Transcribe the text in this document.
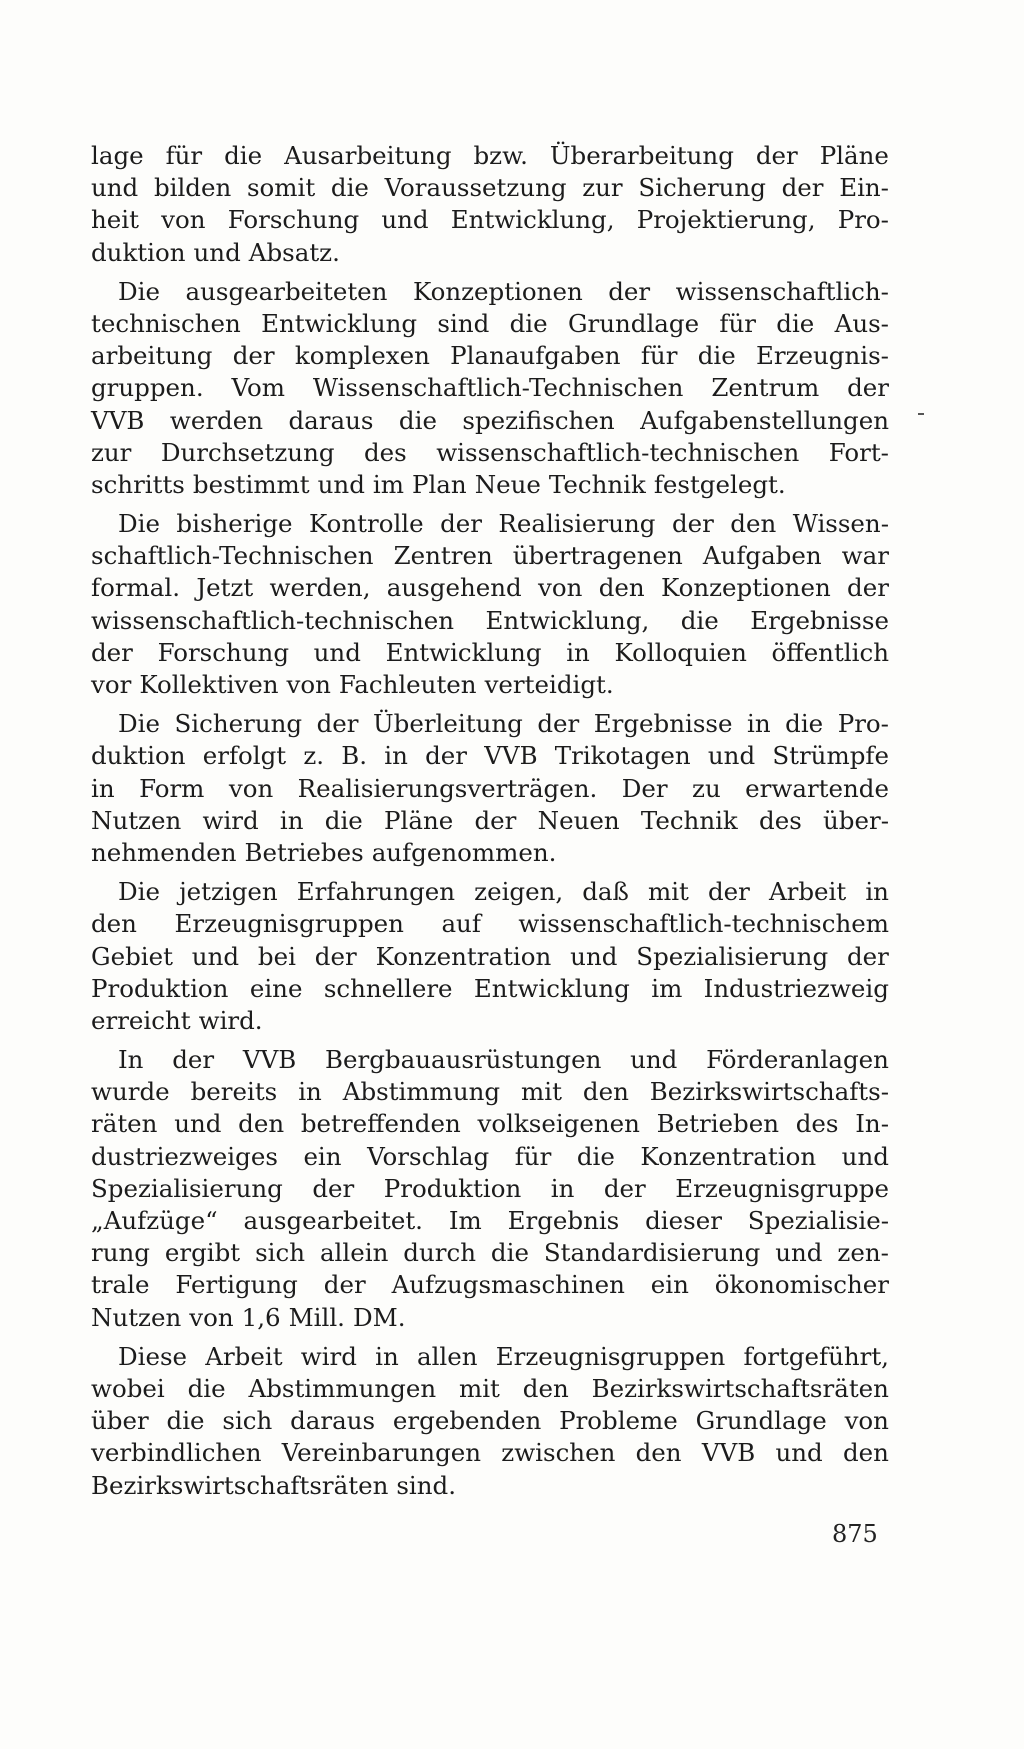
lage für die Ausarbeitung bzw. Überarbeitung der Pläne
und bilden somit die Voraussetzung zur Sicherung der Ein-
heit von Forschung und Entwicklung, Projektierung, Pro-
duktion und Absatz.
Die ausgearbeiteten Konzeptionen der wissenschaftlich-
technischen Entwicklung sind die Grundlage für die Aus-
arbeitung der komplexen Planaufgaben für die Erzeugnis-
gruppen. Vom Wissenschaftlich-Technischen Zentrum der
VVB werden daraus die spezifischen Aufgabenstellungen
zur Durchsetzung des wissenschaftlich-technischen Fort-
schritts bestimmt und im Plan Neue Technik festgelegt.
Die bisherige Kontrolle der Realisierung der den Wissen-
schaftlich-Technischen Zentren übertragenen Aufgaben war
formal. Jetzt werden, ausgehend von den Konzeptionen der
wissenschaftlich-technischen Entwicklung, die Ergebnisse
der Forschung und Entwicklung in Kolloquien öffentlich
vor Kollektiven von Fachleuten verteidigt.
Die Sicherung der Überleitung der Ergebnisse in die Pro-
duktion erfolgt z. B. in der VVB Trikotagen und Strümpfe
in Form von Realisierungsverträgen. Der zu erwartende
Nutzen wird in die Pläne der Neuen Technik des über-
nehmenden Betriebes aufgenommen.
Die jetzigen Erfahrungen zeigen, daß mit der Arbeit in
den Erzeugnisgruppen auf wissenschaftlich-technischem
Gebiet und bei der Konzentration und Spezialisierung der
Produktion eine schnellere Entwicklung im Industriezweig
erreicht wird.
In der VVB Bergbauausrüstungen und Förderanlagen
wurde bereits in Abstimmung mit den Bezirkswirtschafts-
räten und den betreffenden volkseigenen Betrieben des In-
dustriezweiges ein Vorschlag für die Konzentration und
Spezialisierung der Produktion in der Erzeugnisgruppe
„Aufzüge“ ausgearbeitet. Im Ergebnis dieser Spezialisie-
rung ergibt sich allein durch die Standardisierung und zen-
trale Fertigung der Aufzugsmaschinen ein ökonomischer
Nutzen von 1,6 Mill. DM.
Diese Arbeit wird in allen Erzeugnisgruppen fortgeführt,
wobei die Abstimmungen mit den Bezirkswirtschaftsräten
über die sich daraus ergebenden Probleme Grundlage von
verbindlichen Vereinbarungen zwischen den VVB und den
Bezirkswirtschaftsräten sind.
875
